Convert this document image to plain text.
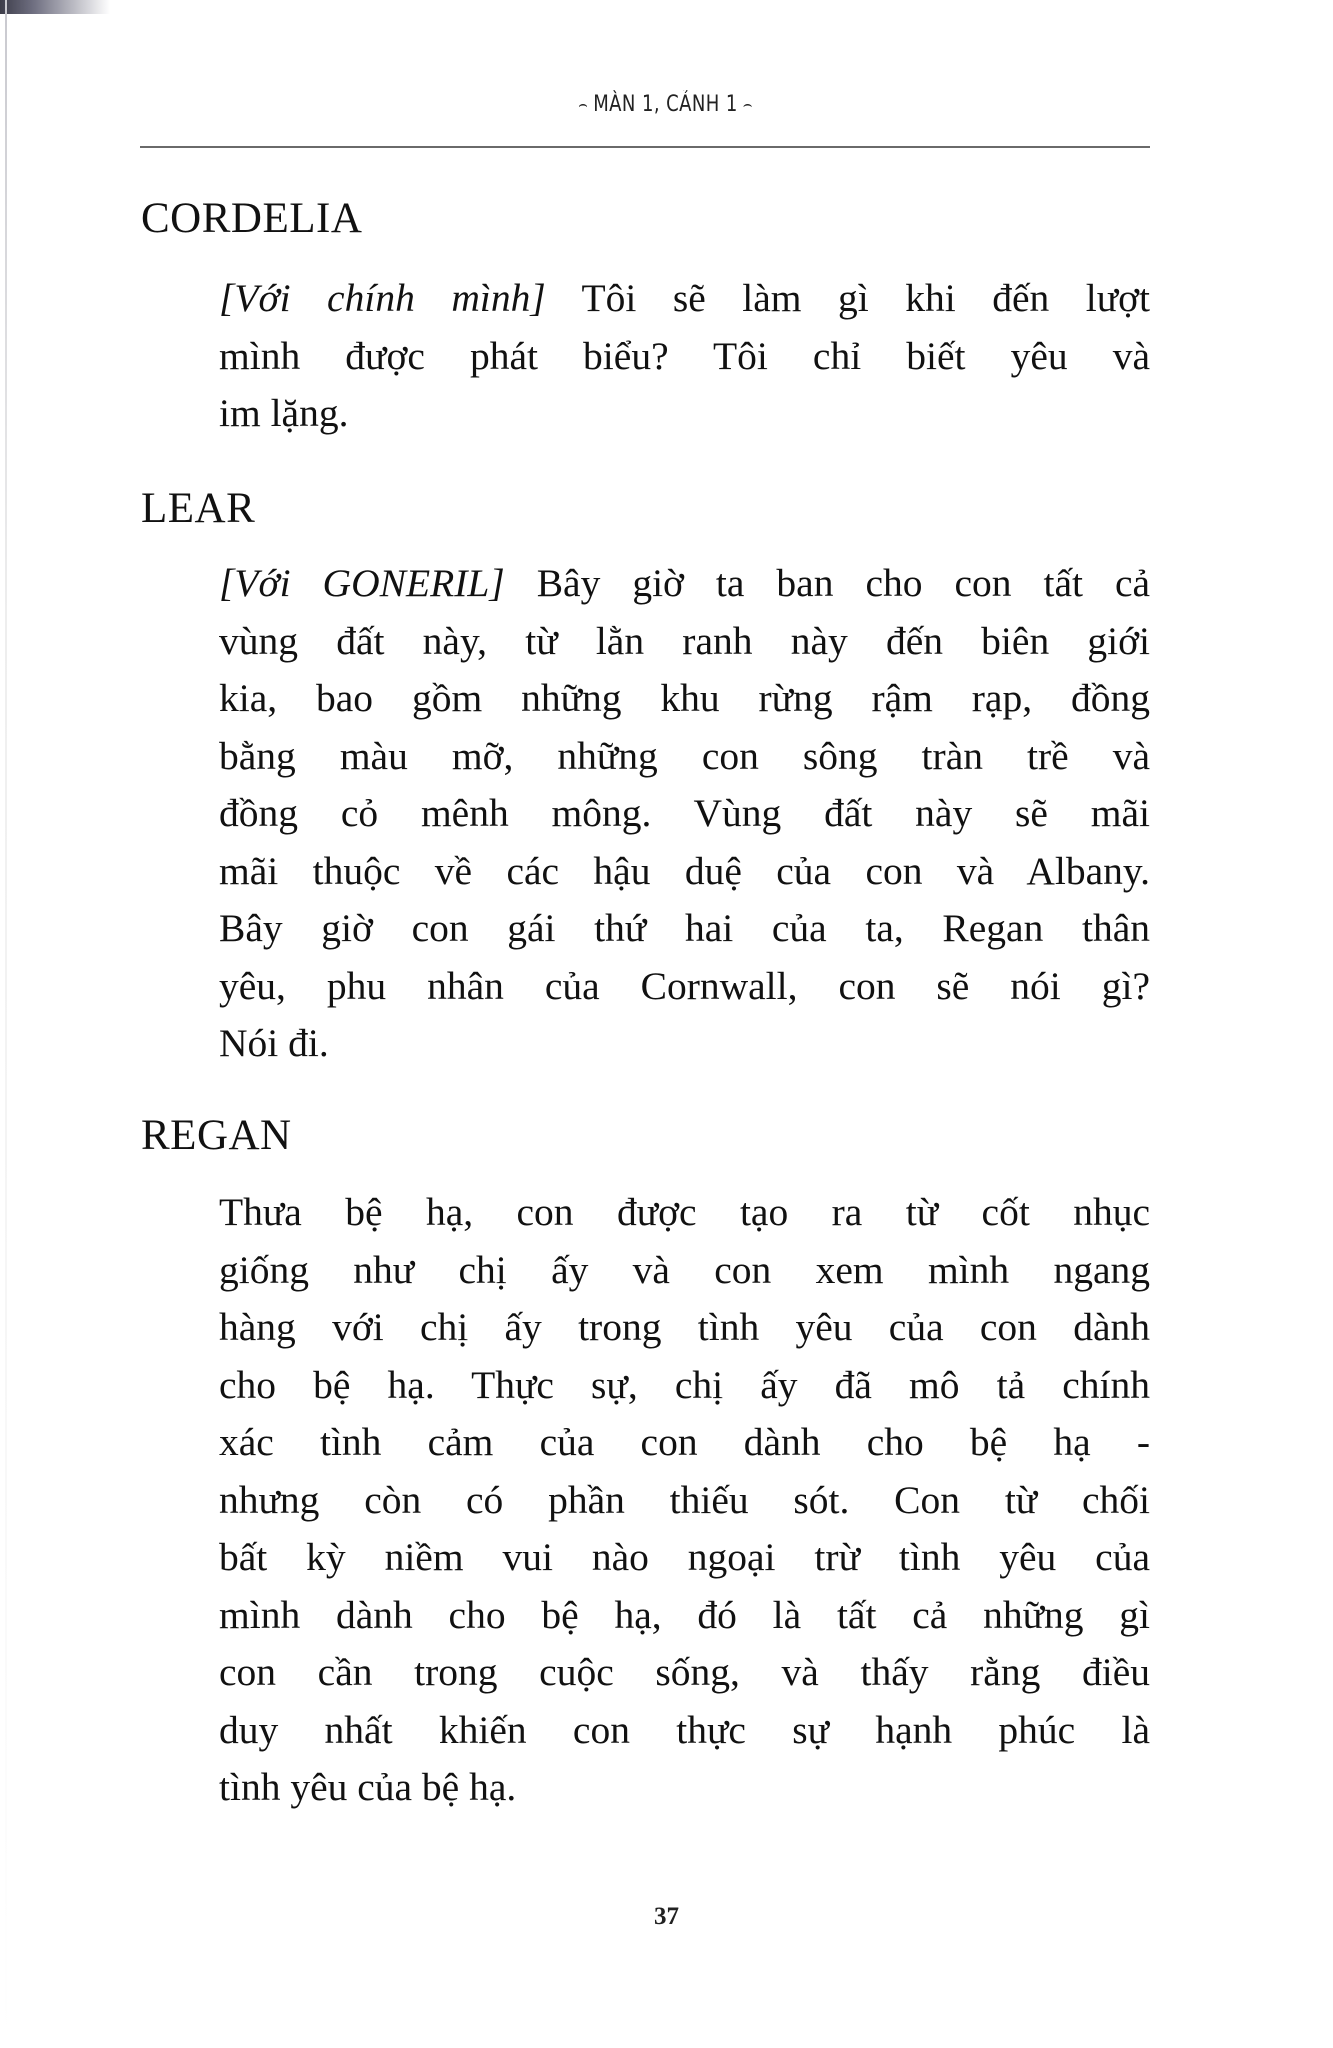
⌢ MÀN 1, CẢNH 1 ⌢
CORDELIA
[Với chính mình] Tôi sẽ làm gì khi đến lượt
mình được phát biểu? Tôi chỉ biết yêu và
im lặng.
LEAR
[Với GONERIL] Bây giờ ta ban cho con tất cả
vùng đất này, từ lằn ranh này đến biên giới
kia, bao gồm những khu rừng rậm rạp, đồng
bằng màu mỡ, những con sông tràn trề và
đồng cỏ mênh mông. Vùng đất này sẽ mãi
mãi thuộc về các hậu duệ của con và Albany.
Bây giờ con gái thứ hai của ta, Regan thân
yêu, phu nhân của Cornwall, con sẽ nói gì?
Nói đi.
REGAN
Thưa bệ hạ, con được tạo ra từ cốt nhục
giống như chị ấy và con xem mình ngang
hàng với chị ấy trong tình yêu của con dành
cho bệ hạ. Thực sự, chị ấy đã mô tả chính
xác tình cảm của con dành cho bệ hạ -
nhưng còn có phần thiếu sót. Con từ chối
bất kỳ niềm vui nào ngoại trừ tình yêu của
mình dành cho bệ hạ, đó là tất cả những gì
con cần trong cuộc sống, và thấy rằng điều
duy nhất khiến con thực sự hạnh phúc là
tình yêu của bệ hạ.
37
